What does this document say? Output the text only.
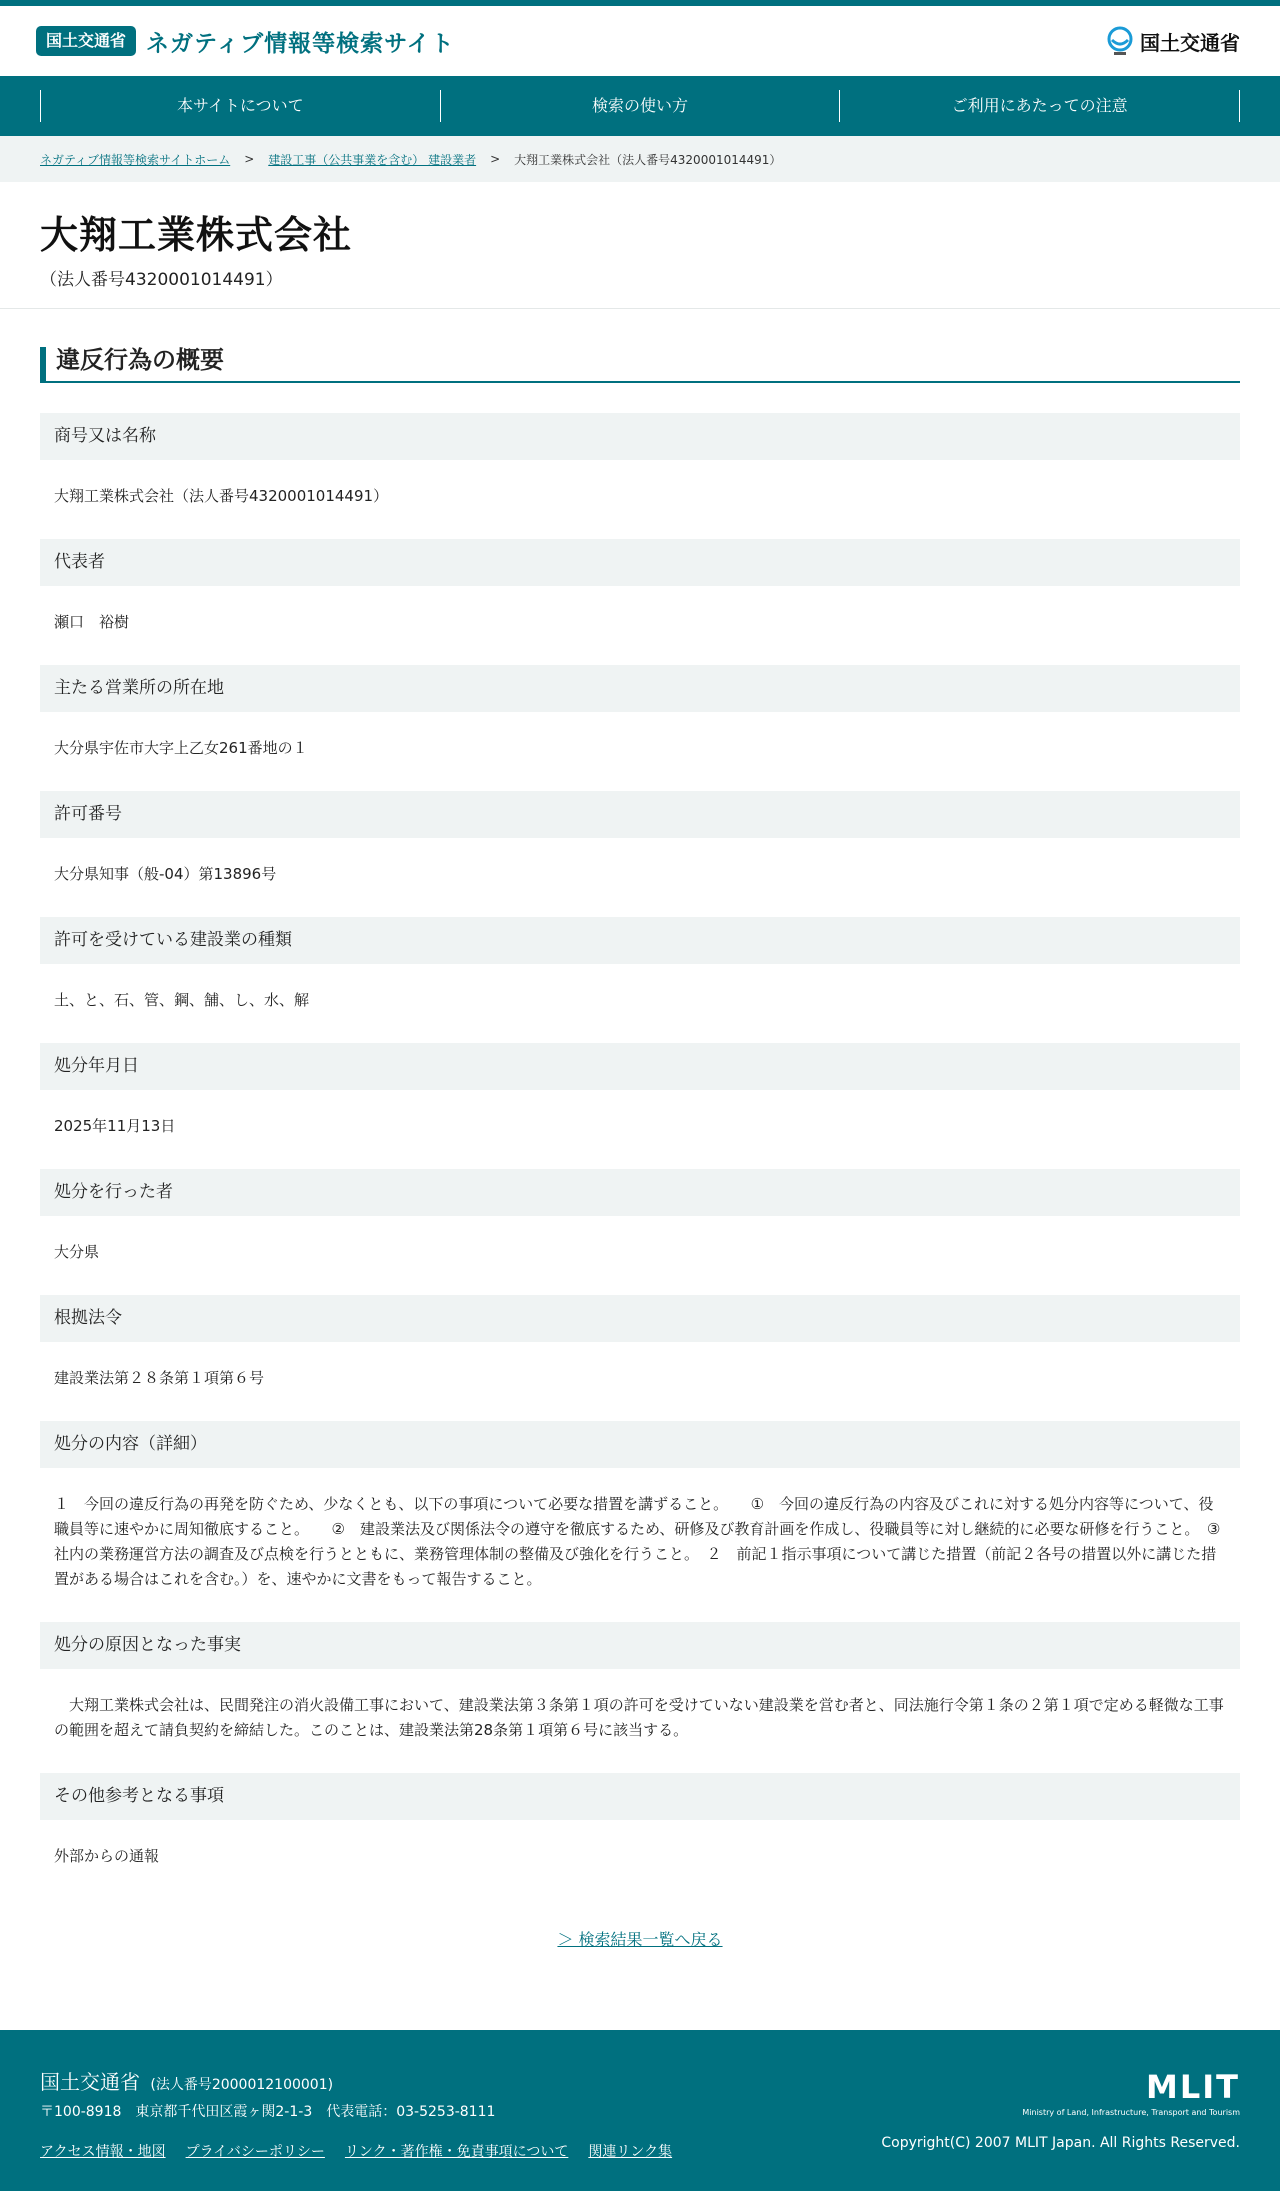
国土交通省 ネガティブ情報等検索サイト	国土交通省
本サイトについて	検索の使い方	ご利用にあたっての注意
ネガティブ情報等検索サイトホーム > 建設工事（公共事業を含む） 建設業者 > 大翔工業株式会社（法人番号4320001014491）
大翔工業株式会社
（法人番号4320001014491）
違反行為の概要
商号又は名称
大翔工業株式会社（法人番号4320001014491）
代表者
瀬口　裕樹
主たる営業所の所在地
大分県宇佐市大字上乙女261番地の１
許可番号
大分県知事（般-04）第13896号
許可を受けている建設業の種類
土、と、石、管、鋼、舗、し、水、解
処分年月日
2025年11月13日
処分を行った者
大分県
根拠法令
建設業法第２８条第１項第６号
処分の内容（詳細）
１　今回の違反行為の再発を防ぐため、少なくとも、以下の事項について必要な措置を講ずること。　　①　今回の違反行為の内容及びこれに対する処分内容等について、役職員等に速やかに周知徹底すること。　　②　建設業法及び関係法令の遵守を徹底するため、研修及び教育計画を作成し、役職員等に対し継続的に必要な研修を行うこと。　③　社内の業務運営方法の調査及び点検を行うとともに、業務管理体制の整備及び強化を行うこと。　２　前記１指示事項について講じた措置（前記２各号の措置以外に講じた措置がある場合はこれを含む。）を、速やかに文書をもって報告すること。
処分の原因となった事実
　大翔工業株式会社は、民間発注の消火設備工事において、建設業法第３条第１項の許可を受けていない建設業を営む者と、同法施行令第１条の２第１項で定める軽微な工事の範囲を超えて請負契約を締結した。このことは、建設業法第28条第１項第６号に該当する。
その他参考となる事項
外部からの通報
＞ 検索結果一覧へ戻る
国土交通省 (法人番号2000012100001)
〒100-8918　東京都千代田区霞ヶ関2-1-3　代表電話：03-5253-8111
アクセス情報・地図 プライバシーポリシー リンク・著作権・免責事項について 関連リンク集
MLIT
Ministry of Land, Infrastructure, Transport and Tourism
Copyright(C) 2007 MLIT Japan. All Rights Reserved.
